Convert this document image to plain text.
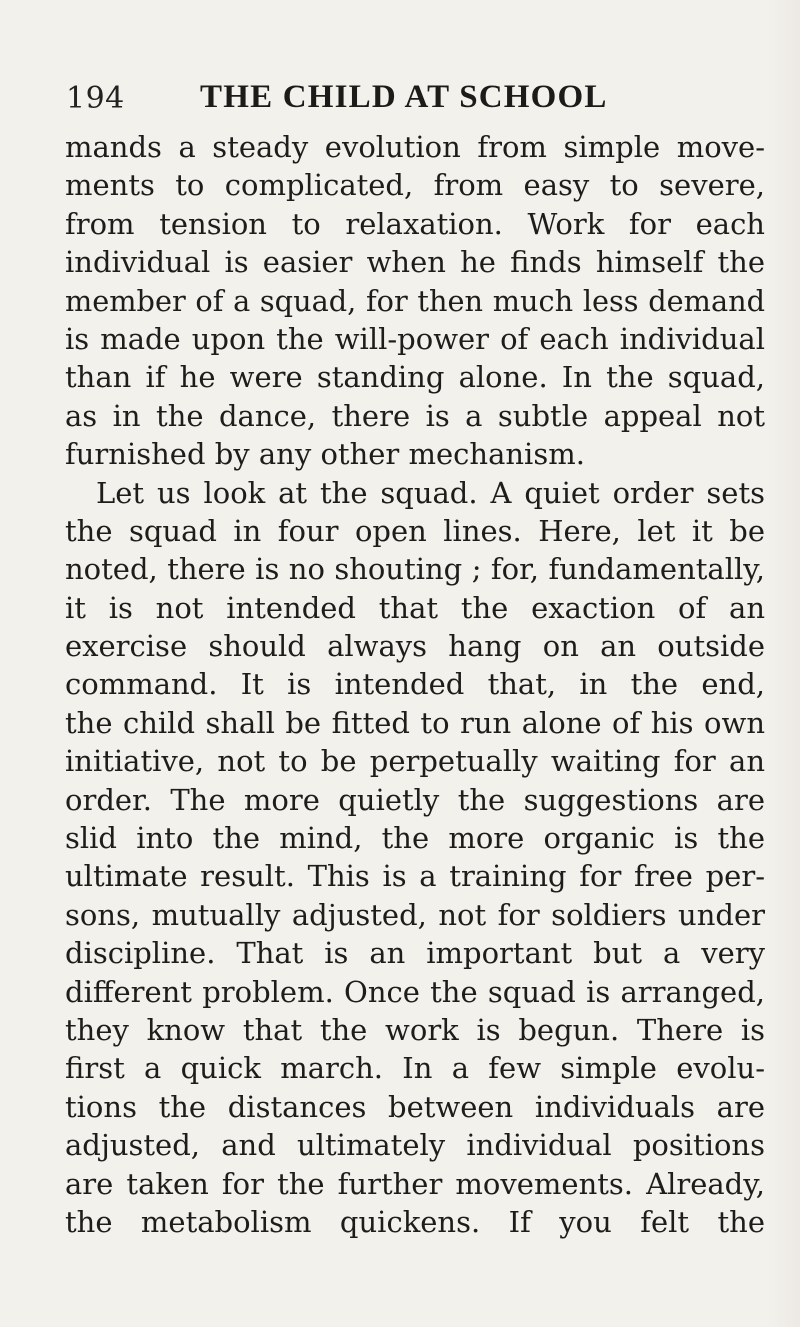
194 THE CHILD AT SCHOOL
mands a steady evolution from simple move-
ments to complicated, from easy to severe,
from tension to relaxation. Work for each
individual is easier when he finds himself the
member of a squad, for then much less demand
is made upon the will-power of each individual
than if he were standing alone. In the squad,
as in the dance, there is a subtle appeal not
furnished by any other mechanism.
Let us look at the squad. A quiet order sets
the squad in four open lines. Here, let it be
noted, there is no shouting ; for, fundamentally,
it is not intended that the exaction of an
exercise should always hang on an outside
command. It is intended that, in the end,
the child shall be fitted to run alone of his own
initiative, not to be perpetually waiting for an
order. The more quietly the suggestions are
slid into the mind, the more organic is the
ultimate result. This is a training for free per-
sons, mutually adjusted, not for soldiers under
discipline. That is an important but a very
different problem. Once the squad is arranged,
they know that the work is begun. There is
first a quick march. In a few simple evolu-
tions the distances between individuals are
adjusted, and ultimately individual positions
are taken for the further movements. Already,
the metabolism quickens. If you felt the
